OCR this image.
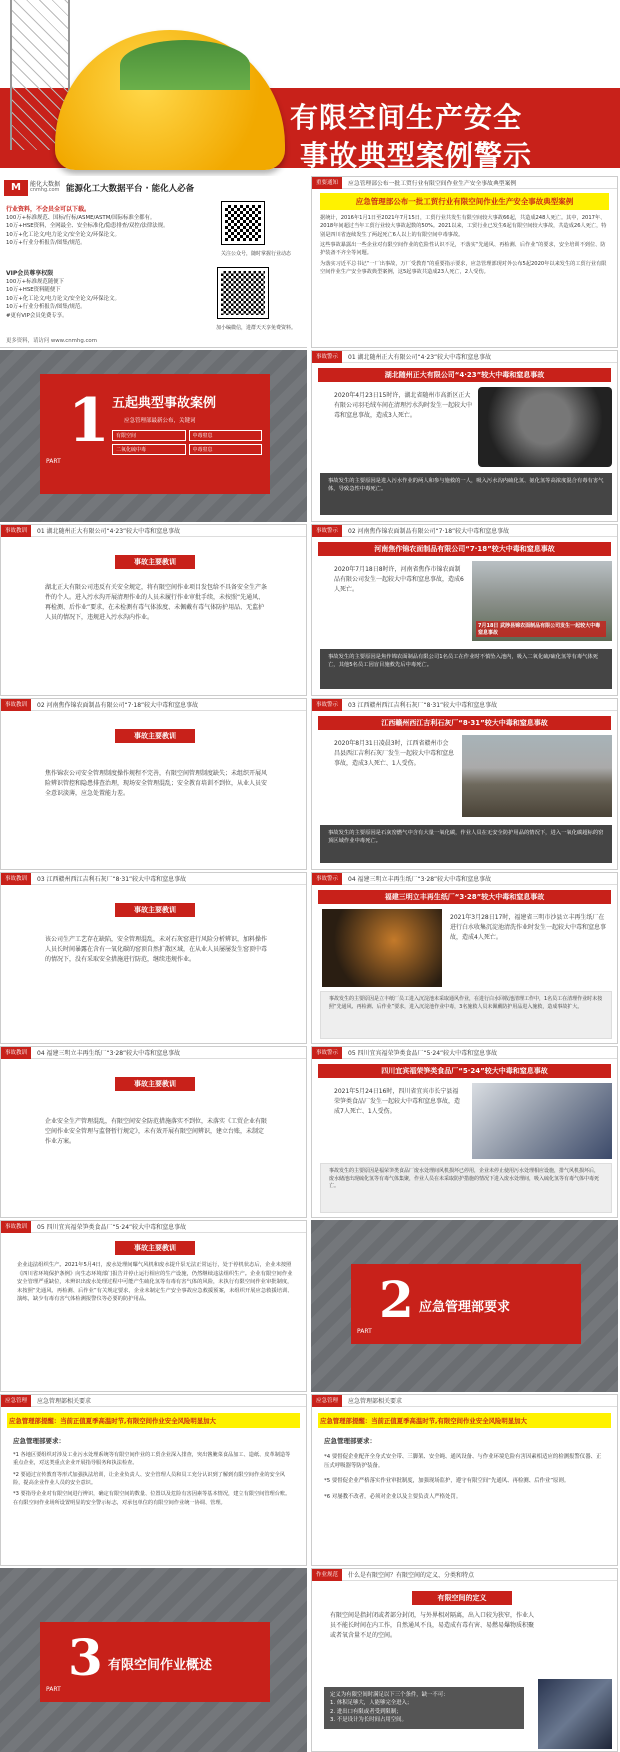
有限空间生产安全
事故典型案例警示
M	能化大数据
cnmhg.com 能源化工大数据平台 · 能化人必备
行业资料，不会员全可以下载。
100万+标准规范、国标/行标/ASME/ASTM/国际标准全都有。
10万+HSE资料，全网最全、安全标准化/隐患排查/双控/法律法规。
10万+化工论文/电力论文/安全论文/环保论文。
10万+行业分析报告/图集/规范。
VIP会员尊享权限
100万+标准规范随便下
10万+HSE资料随便下
10万+化工论文/电力论文/安全论文/环保论文。
10万+行业分析报告/图集/规范。
#更有VIP会员免费专享。
更多资料，请访问 www.cnmhg.com
关注公众号，随时掌握行业动态
加小编微信，进群天天享免费资料。
重要通知	应急管理部公布一批工贸行业有限空间作业生产安全事故典型案例
应急管理部公布一批工贸行业有限空间作业生产安全事故典型案例
据统计，2016年1月1日至2021年7月15日，工贸行业共发生有限空间较大事故66起，共造成248人死亡。其中，2017年、2018年间超过当年工贸行业较大事故起数的50%。2021以来，工贸行业已发生6起有限空间较大事故，共造成26人死亡，特别是四川省连续发生了两起死亡6人以上的有限空间中毒事故。
这些事故暴露出一些企业对有限空间作业的危险性认识不足，不落实“先通风、再检测、后作业”的要求，安全培训不到位、防护装备不齐全等问题。
为落实习近平总书记“一厂出事故，万厂受教育”的重要指示要求，应急管理部现对外公布5起2020年以来发生的工贸行业有限空间作业生产安全事故典型案例，这5起事故共造成23人死亡，2人受伤。
PART
1 五起典型事故案例
应急管理部最新公布，关键词
有限空间	中毒窒息
二氧化硫中毒	中毒窒息
事故警示	01 湖北随州正大有限公司“4·23”较大中毒和窒息事故
湖北随州正大有限公司“4·23”较大中毒和窒息事故
2020年4月23日15时许，湖北省随州市高新区正大有限公司羽毛绒车间在清理污水沟时发生一起较大中毒和窒息事故，造成3人死亡。
事故发生的主要原因是进入污水作业的两人和参与施救的一人，吸入污水沟内硫化氢、氨化氢等高浓度混合有毒有害气体，导致急性中毒死亡。
事故教训	01 湖北随州正大有限公司“4·23”较大中毒和窒息事故
事故主要教训
湖北正大有限公司违反有关安全规定，将有限空间作业项目发包给不具备安全生产条件的个人。进入污水沟开展清理作业的人员未履行作业审批手续，未按照“先通风、再检测、后作业”要求，在未检测有毒气体浓度、未佩戴有毒气体防护用品、无监护人员的情况下，违规进入污水沟内作业。
事故警示	02 河南焦作锦农面制品有限公司“7·18”较大中毒和窒息事故
河南焦作锦农面制品有限公司“7·18”较大中毒和窒息事故
2020年7月18日8时许，河南省焦作市锦农面制品有限公司发生一起较大中毒和窒息事故，造成6人死亡。
7月18日 武陟县锦农面制品有限公司发生一起较大中毒窒息事故
事故发生的主要原因是焦作锦农面制品有限公司1名员工在作业时不慎坠入池内，吸入二氧化硫/硫化氢等有毒气体死亡，其他5名员工因盲目施救先后中毒死亡。
事故教训	02 河南焦作锦农面制品有限公司“7·18”较大中毒和窒息事故
事故主要教训
焦作锦农公司安全管理制度操作规程不完善，有限空间管理制度缺失；未组织开展风险辨识管控和隐患排查治理，现场安全管理混乱；安全教育培训不到位，从业人员安全意识淡薄，应急处置能力差。
事故警示	03 江西赣州西江吉利石灰厂“8·31”较大中毒和窒息事故
江西赣州西江吉利石灰厂“8·31”较大中毒和窒息事故
2020年8月31日凌晨3时，江西省赣州市会昌县西江吉利石灰厂发生一起较大中毒和窒息事故，造成3人死亡、1人受伤。
事故发生的主要原因是石灰窑燃气中含有大量一氧化碳，作业人员在无安全防护用品的情况下，进入一氧化碳超标的窑顶区域作业中毒死亡。
事故教训	03 江西赣州西江吉利石灰厂“8·31”较大中毒和窒息事故
事故主要教训
该公司生产工艺存在缺陷，安全管理混乱，未对石灰窑进行风险分析辨识，加料操作人员长时间暴露在含有一氧化碳的窑顶自然扩散区域，在从业人员屡屡发生窑顶中毒的情况下，没有采取安全措施进行防范，继续违规作业。
事故警示	04 福建三明立丰再生纸厂“3·28”较大中毒和窒息事故
福建三明立丰再生纸厂“3·28”较大中毒和窒息事故
2021年3月28日17时，福建省三明市沙县立丰再生纸厂在进行白水收集沉淀池清洗作业时发生一起较大中毒和窒息事故，造成4人死亡。
事故发生的主要原因是立丰纸厂员工进入沉淀池未采取通风作业，在进行白水回收池清理工作中，1名员工在清理作业时未按照“先通风、再检测、后作业”要求，进入沉淀池作业中毒，3名施救人员未佩戴防护用品进入施救，造成事故扩大。
事故教训	04 福建三明立丰再生纸厂“3·28”较大中毒和窒息事故
事故主要教训
企业安全生产管理混乱，有限空间安全防范措施落实不到位，未落实《工贸企业有限空间作业安全管理与监督暂行规定》，未有效开展有限空间辨识，建立台账，未制定作业方案。
事故警示	05 四川宜宾福荣笋类食品厂“5·24”较大中毒和窒息事故
四川宜宾福荣笋类食品厂“5·24”较大中毒和窒息事故
2021年5月24日16时，四川省宜宾市长宁县福荣笋类食品厂发生一起较大中毒和窒息事故，造成7人死亡、1人受伤。
事故发生的主要原因是福荣笋类食品厂废水处理间风机损坏已停用，企业未停止使用污水处理相应设施，排气风机损坏后，废水储池出现硫化氢等有毒气体集聚，作业人员在未采取防护措施的情况下进入废水处理间，吸入硫化氢等有毒气体中毒死亡。
事故教训	05 四川宜宾福荣笋类食品厂“5·24”较大中毒和窒息事故
事故主要教训
企业违法组织生产。2021年5月4日，废水处理间曝气风机和废水提升泵无法正常运行，处于停机状态后，企业未按照《四川省环境保护条例》向生态环境部门报告并停止运行相应的生产设施，仍然继续违法组织生产。企业有限空间作业安全管理严重缺位，未辨识出废水处理过程中可能产生硫化氢等有毒有害气体的风险，未执行有限空间作业审批制度，未按照“先通风、再检测、后作业”有关规定要求，企业未制定生产安全事故应急救援预案，未组织开展应急救援培训、演练，缺少有毒有害气体检测报警仪等必要的防护用品。
PART
2 应急管理部要求
应急管理	应急管理部相关要求
应急管理部提醒：当前正值夏季高温时节,有限空间作业安全风险明显加大
应急管理部要求：
*1 各地区要组织对涉及工业污水处理系统等有限空间作业的工贸企业深入排查，突出酱腌菜食品加工、造纸、皮革制造等重点企业，对这类重点企业开展指导服务和执法检查。
*2 要通过宣传教育等形式加强执法培训，让企业负责人、安全管理人员和员工充分认识到了解到有限空间作业的安全风险，提高企业作业人员的安全意识。
*3 要指导企业对有限空间进行辨识，确定有限空间的数量、位置以及危险有害因素等基本情况，建立有限空间管理台账。在有限空间作业场所设置明显的安全警示标志，对承包单位的有限空间作业统一协调、管理。
应急管理	应急管理部相关要求
应急管理部提醒：当前正值夏季高温时节,有限空间作业安全风险明显加大
应急管理部要求：
*4 要督促企业配齐全身式安全带、三脚架、安全绳、通风设备、与作业环境危险有害因素相适应的检测报警仪器、正压式呼吸器等防护装备。
*5 要督促企业严格落实作业审批制度，加强现场监护，遵守有限空间“先通风、再检测、后作业”原则。
*6 对屡教不改者，必须对企业以及主要负责人严格处罚。
PART
3 有限空间作业概述
作业规范	什么是有限空间？有限空间的定义、分类和特点
有限空间的定义
有限空间是指封闭或者部分封闭，与外界相对隔离，出入口较为狭窄，作业人员不能长时间在内工作，自然通风不良，易造成有毒有害、易燃易爆物质积聚或者氧含量不足的空间。
定义为有限空间时满足以下三个条件，缺一不可：
1. 体积足够大，人能够完全进入；
2. 进出口有限或者受到限制；
3. 不是设计为长时间占用空间。
